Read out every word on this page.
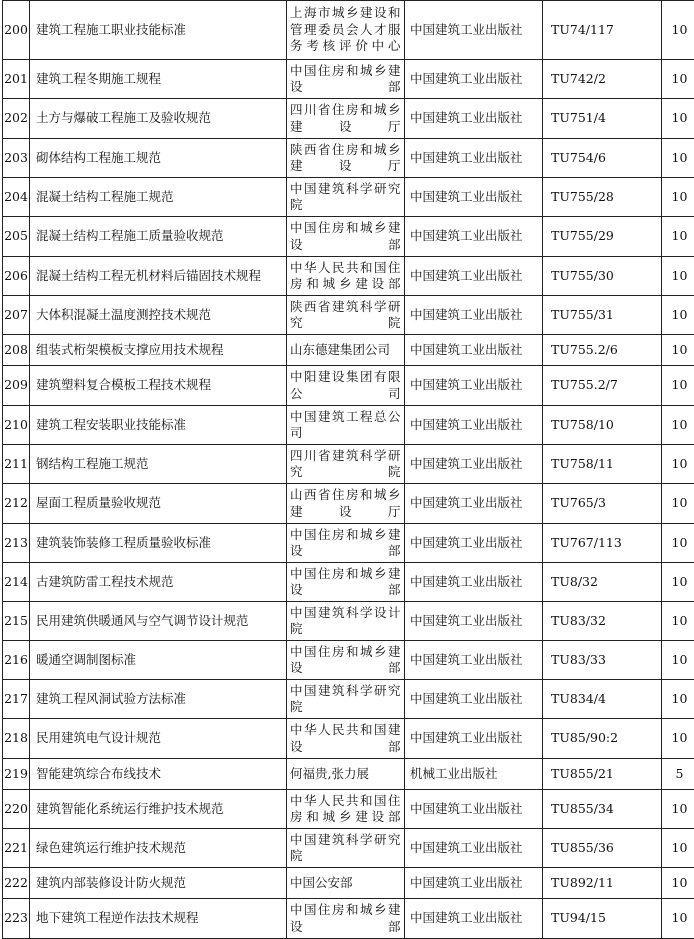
200	建筑工程施工职业技能标准	上海市城乡建设和管理委员会人才服务考核评价中心	中国建筑工业出版社	TU74/117	10
201	建筑工程冬期施工规程	中国住房和城乡建设部	中国建筑工业出版社	TU742/2	10
202	土方与爆破工程施工及验收规范	四川省住房和城乡建设厅	中国建筑工业出版社	TU751/4	10
203	砌体结构工程施工规范	陕西省住房和城乡建设厅	中国建筑工业出版社	TU754/6	10
204	混凝土结构工程施工规范	中国建筑科学研究院	中国建筑工业出版社	TU755/28	10
205	混凝土结构工程施工质量验收规范	中国住房和城乡建设部	中国建筑工业出版社	TU755/29	10
206	混凝土结构工程无机材料后锚固技术规程	中华人民共和国住房和城乡建设部	中国建筑工业出版社	TU755/30	10
207	大体积混凝土温度测控技术规范	陕西省建筑科学研究院	中国建筑工业出版社	TU755/31	10
208	组装式桁架模板支撑应用技术规程	山东德建集团公司	中国建筑工业出版社	TU755.2/6	10
209	建筑塑料复合模板工程技术规程	中阳建设集团有限公司	中国建筑工业出版社	TU755.2/7	10
210	建筑工程安装职业技能标准	中国建筑工程总公司	中国建筑工业出版社	TU758/10	10
211	钢结构工程施工规范	四川省建筑科学研究院	中国建筑工业出版社	TU758/11	10
212	屋面工程质量验收规范	山西省住房和城乡建设厅	中国建筑工业出版社	TU765/3	10
213	建筑装饰装修工程质量验收标准	中国住房和城乡建设部	中国建筑工业出版社	TU767/113	10
214	古建筑防雷工程技术规范	中国住房和城乡建设部	中国建筑工业出版社	TU8/32	10
215	民用建筑供暖通风与空气调节设计规范	中国建筑科学设计院	中国建筑工业出版社	TU83/32	10
216	暖通空调制图标准	中国住房和城乡建设部	中国建筑工业出版社	TU83/33	10
217	建筑工程风洞试验方法标准	中国建筑科学研究院	中国建筑工业出版社	TU834/4	10
218	民用建筑电气设计规范	中华人民共和国建设部	中国建筑工业出版社	TU85/90:2	10
219	智能建筑综合布线技术	何福贵,张力展	机械工业出版社	TU855/21	5
220	建筑智能化系统运行维护技术规范	中华人民共和国住房和城乡建设部	中国建筑工业出版社	TU855/34	10
221	绿色建筑运行维护技术规范	中国建筑科学研究院	中国建筑工业出版社	TU855/36	10
222	建筑内部装修设计防火规范	中国公安部	中国建筑工业出版社	TU892/11	10
223	地下建筑工程逆作法技术规程	中国住房和城乡建设部	中国建筑工业出版社	TU94/15	10
